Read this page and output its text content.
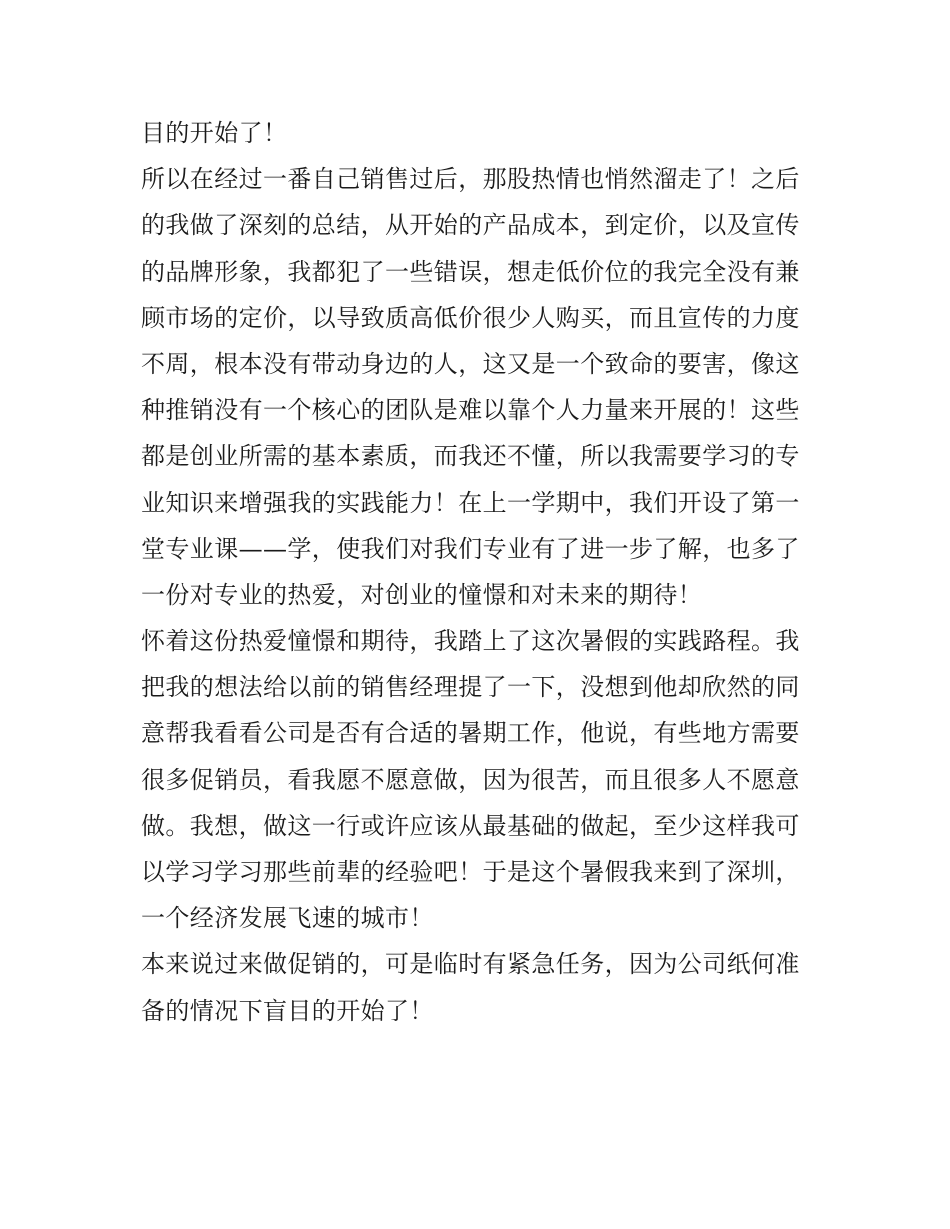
目的开始了！
所以在经过一番自己销售过后，那股热情也悄然溜走了！之后
的我做了深刻的总结，从开始的产品成本，到定价，以及宣传
的品牌形象，我都犯了一些错误，想走低价位的我完全没有兼
顾市场的定价，以导致质高低价很少人购买，而且宣传的力度
不周，根本没有带动身边的人，这又是一个致命的要害，像这
种推销没有一个核心的团队是难以靠个人力量来开展的！这些
都是创业所需的基本素质，而我还不懂，所以我需要学习的专
业知识来增强我的实践能力！在上一学期中，我们开设了第一
堂专业课——学，使我们对我们专业有了进一步了解，也多了
一份对专业的热爱，对创业的憧憬和对未来的期待！
怀着这份热爱憧憬和期待，我踏上了这次暑假的实践路程。我
把我的想法给以前的销售经理提了一下，没想到他却欣然的同
意帮我看看公司是否有合适的暑期工作，他说，有些地方需要
很多促销员，看我愿不愿意做，因为很苦，而且很多人不愿意
做。我想，做这一行或许应该从最基础的做起，至少这样我可
以学习学习那些前辈的经验吧！于是这个暑假我来到了深圳，
一个经济发展飞速的城市！
本来说过来做促销的，可是临时有紧急任务，因为公司纸何准
备的情况下盲目的开始了！
